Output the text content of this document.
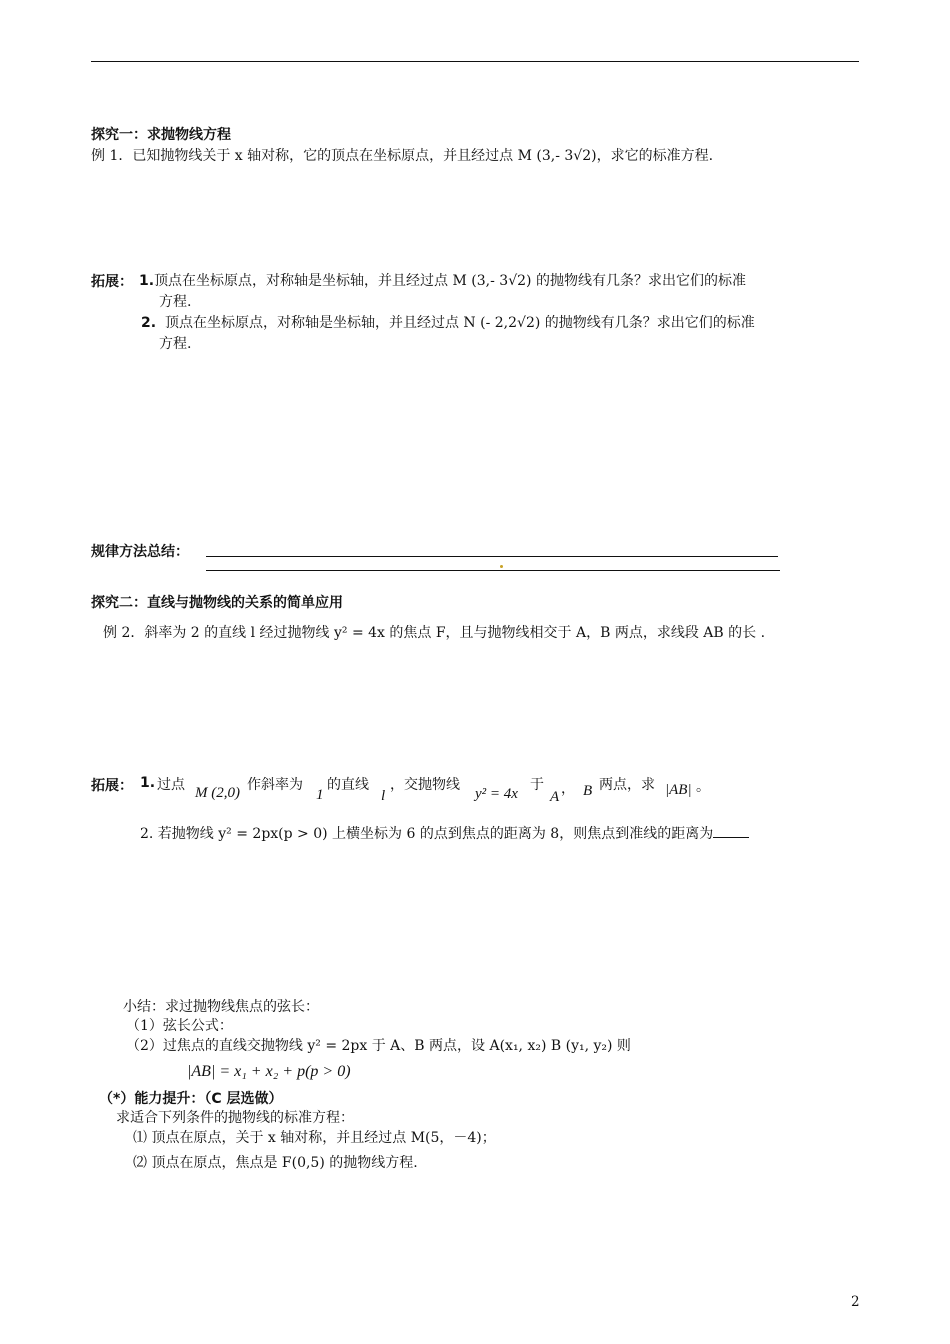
探究一：求抛物线方程
例 1．已知抛物线关于 x 轴对称，它的顶点在坐标原点，并且经过点 M (3,- 3√2)，求它的标准方程.
拓展： 1.顶点在坐标原点，对称轴是坐标轴，并且经过点 M (3,- 3√2) 的抛物线有几条？求出它们的标准
方程.
2. 顶点在坐标原点，对称轴是坐标轴，并且经过点 N (- 2,2√2) 的抛物线有几条？求出它们的标准
方程.
规律方法总结：
探究二：直线与抛物线的关系的简单应用
例 2．斜率为 2 的直线 l 经过抛物线 y² = 4x 的焦点 F，且与抛物线相交于 A，B 两点，求线段 AB 的长 .
拓展： 1. 过点 M (2,0) 作斜率为
1
的直线
l
，交抛物线
y² = 4x
于
A ， B 两点，求 |AB| 。
2. 若抛物线 y² = 2px(p > 0) 上横坐标为 6 的点到焦点的距离为 8，则焦点到准线的距离为
小结：求过抛物线焦点的弦长：
（1）弦长公式：
（2）过焦点的直线交抛物线 y² = 2px 于 A、B 两点，设 A(x₁, x₂) B (y₁, y₂) 则
|AB| = x₁ + x₂ + p(p > 0)
（*）能力提升：（C 层选做）
求适合下列条件的抛物线的标准方程：
⑴ 顶点在原点，关于 x 轴对称，并且经过点 M(5，－4)；
⑵ 顶点在原点，焦点是 F(0,5) 的抛物线方程.
2
